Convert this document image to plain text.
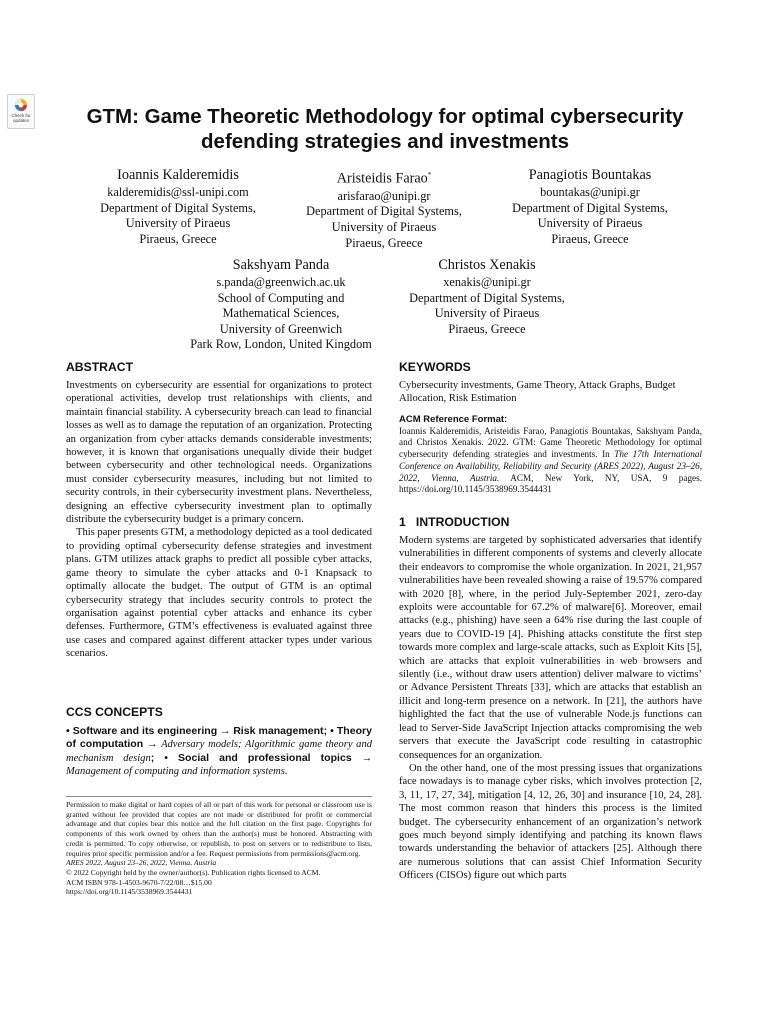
Check for
updates	GTM: Game Theoretic Methodology for optimal cybersecurity
defending strategies and investments
Ioannis Kalderemidis
kalderemidis@ssl-unipi.com
Department of Digital Systems,
University of Piraeus
Piraeus, Greece
Aristeidis Farao*
arisfarao@unipi.gr
Department of Digital Systems,
University of Piraeus
Piraeus, Greece
Panagiotis Bountakas
bountakas@unipi.gr
Department of Digital Systems,
University of Piraeus
Piraeus, Greece
Sakshyam Panda
s.panda@greenwich.ac.uk
School of Computing and
Mathematical Sciences,
University of Greenwich
Park Row, London, United Kingdom
Christos Xenakis
xenakis@unipi.gr
Department of Digital Systems,
University of Piraeus
Piraeus, Greece
ABSTRACT

Investments on cybersecurity are essential for organizations to protect operational activities, develop trust relationships with clients, and maintain financial stability. A cybersecurity breach can lead to financial losses as well as to damage the reputation of an organization. Protecting an organization from cyber attacks demands considerable investments; however, it is known that organisations unequally divide their budget between cybersecurity and other technological needs. Organizations must consider cybersecurity measures, including but not limited to security controls, in their cybersecurity investment plans. Nevertheless, designing an effective cybersecurity investment plan to optimally distribute the cybersecurity budget is a primary concern.

This paper presents GTM, a methodology depicted as a tool dedicated to providing optimal cybersecurity defense strategies and investment plans. GTM utilizes attack graphs to predict all possible cyber attacks, game theory to simulate the cyber attacks and 0-1 Knapsack to optimally allocate the budget. The output of GTM is an optimal cybersecurity strategy that includes security controls to protect the organisation against potential cyber attacks and enhance its cyber defenses. Furthermore, GTM’s effectiveness is evaluated against three use cases and compared against different attacker types under various scenarios.

CCS CONCEPTS

• Software and its engineering → Risk management; • Theory of computation → Adversary models; Algorithmic game theory and mechanism design; • Social and professional topics → Management of computing and information systems.

Permission to make digital or hard copies of all or part of this work for personal or classroom use is granted without fee provided that copies are not made or distributed for profit or commercial advantage and that copies bear this notice and the full citation on the first page. Copyrights for components of this work owned by others than the author(s) must be honored. Abstracting with credit is permitted. To copy otherwise, or republish, to post on servers or to redistribute to lists, requires prior specific permission and/or a fee. Request permissions from permissions@acm.org.

ARES 2022, August 23–26, 2022, Vienna, Austria

© 2022 Copyright held by the owner/author(s). Publication rights licensed to ACM.

ACM ISBN 978-1-4503-9670-7/22/08…$15.00

https://doi.org/10.1145/3538969.3544431

KEYWORDS

Cybersecurity investments, Game Theory, Attack Graphs, Budget Allocation, Risk Estimation

ACM Reference Format:

Ioannis Kalderemidis, Aristeidis Farao, Panagiotis Bountakas, Sakshyam Panda, and Christos Xenakis. 2022. GTM: Game Theoretic Methodology for optimal cybersecurity defending strategies and investments. In The 17th International Conference on Availability, Reliability and Security (ARES 2022), August 23–26, 2022, Vienna, Austria. ACM, New York, NY, USA, 9 pages. https://doi.org/10.1145/3538969.3544431

1   INTRODUCTION

Modern systems are targeted by sophisticated adversaries that identify vulnerabilities in different components of systems and cleverly allocate their endeavors to compromise the whole organization. In 2021, 21,957 vulnerabilities have been revealed showing a raise of 19.57% compared with 2020 [8], where, in the period July-September 2021, zero-day exploits were accountable for 67.2% of malware[6]. Moreover, email attacks (e.g., phishing) have seen a 64% rise during the last couple of years due to COVID-19 [4]. Phishing attacks constitute the first step towards more complex and large-scale attacks, such as Exploit Kits [5], which are attacks that exploit vulnerabilities in web browsers and silently (i.e., without draw users attention) deliver malware to victims’ or Advance Persistent Threats [33], which are attacks that establish an illicit and long-term presence on a network. In [21], the authors have highlighted the fact that the use of vulnerable Node.js functions can lead to Server-Side JavaScript Injection attacks compromising the web servers that execute the JavaScript code resulting in catastrophic consequences for an organization.

On the other hand, one of the most pressing issues that organizations face nowadays is to manage cyber risks, which involves protection [2, 3, 11, 17, 27, 34], mitigation [4, 12, 26, 30] and insurance [10, 24, 28]. The most common reason that hinders this process is the limited budget. The cybersecurity enhancement of an organization’s network goes much beyond simply identifying and patching its known flaws towards understanding the behavior of attackers [25]. Although there are numerous solutions that can assist Chief Information Security Officers (CISOs) figure out which parts
